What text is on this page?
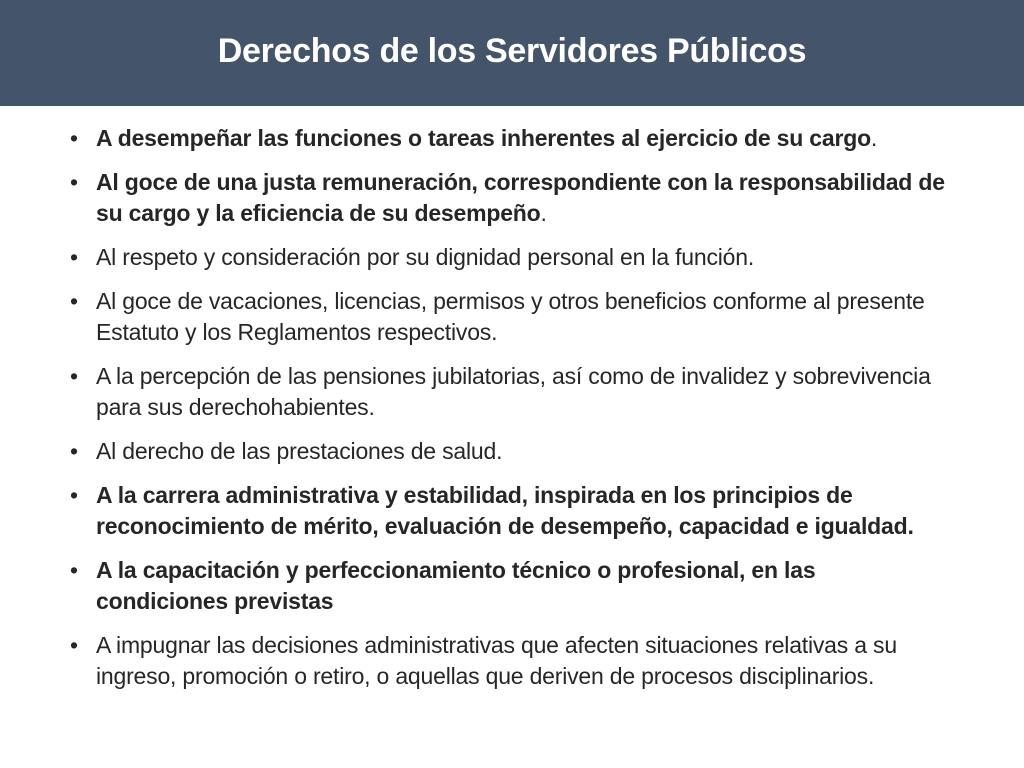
Derechos de los Servidores Públicos
• A desempeñar las funciones o tareas inherentes al ejercicio de su cargo.
• Al goce de una justa remuneración, correspondiente con la responsabilidad de su cargo y la eficiencia de su desempeño.
• Al respeto y consideración por su dignidad personal en la función.
• Al goce de vacaciones, licencias, permisos y otros beneficios conforme al presente Estatuto y los Reglamentos respectivos.
• A la percepción de las pensiones jubilatorias, así como de invalidez y sobrevivencia para sus derechohabientes.
• Al derecho de las prestaciones de salud.
• A la carrera administrativa y estabilidad, inspirada en los principios de reconocimiento de mérito, evaluación de desempeño, capacidad e igualdad.
• A la capacitación y perfeccionamiento técnico o profesional, en las condiciones previstas
• A impugnar las decisiones administrativas que afecten situaciones relativas a su ingreso, promoción o retiro, o aquellas que deriven de procesos disciplinarios.
